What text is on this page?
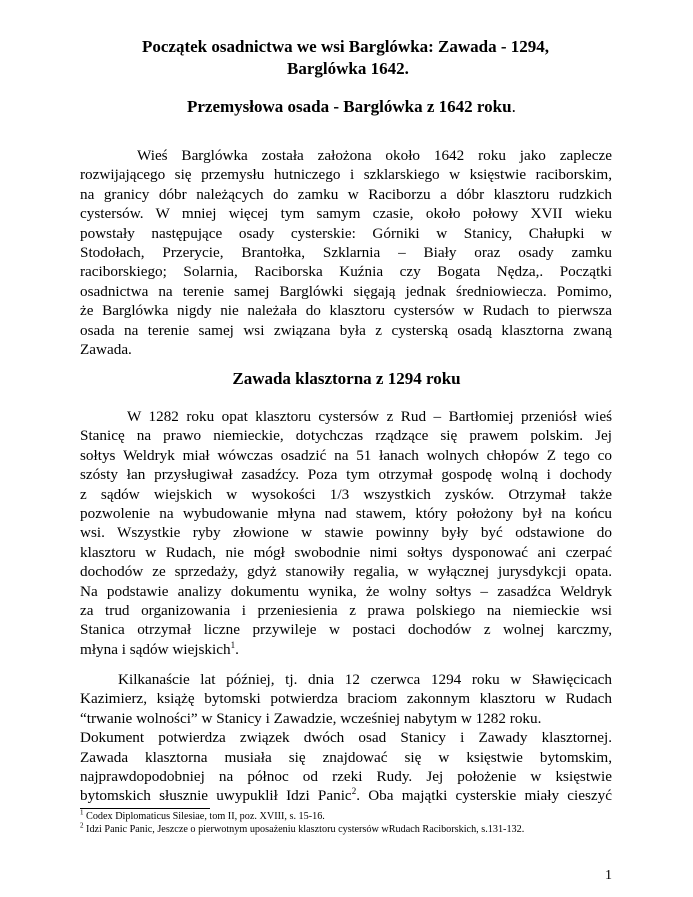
Początek osadnictwa we wsi Barglówka: Zawada - 1294,
Barglówka 1642.
Przemysłowa osada - Barglówka z 1642 roku.
Wieś Barglówka została założona około 1642 roku jako zaplecze
rozwijającego się przemysłu hutniczego i szklarskiego w księstwie raciborskim,
na granicy dóbr należących do zamku w Raciborzu a dóbr klasztoru rudzkich
cystersów. W mniej więcej tym samym czasie, około połowy XVII wieku
powstały następujące osady cysterskie: Górniki w Stanicy, Chałupki w
Stodołach, Przerycie, Brantołka, Szklarnia – Biały oraz osady zamku
raciborskiego; Solarnia, Raciborska Kuźnia czy Bogata Nędza,. Początki
osadnictwa na terenie samej Barglówki sięgają jednak średniowiecza. Pomimo,
że Barglówka nigdy nie należała do klasztoru cystersów w Rudach to pierwsza
osada na terenie samej wsi związana była z cysterską osadą klasztorna zwaną
Zawada.
Zawada klasztorna z 1294 roku
W 1282 roku opat klasztoru cystersów z Rud – Bartłomiej przeniósł wieś
Stanicę na prawo niemieckie, dotychczas rządzące się prawem polskim. Jej
sołtys Weldryk miał wówczas osadzić na 51 łanach wolnych chłopów Z tego co
szósty łan przysługiwał zasadźcy. Poza tym otrzymał gospodę wolną i dochody
z sądów wiejskich w wysokości 1/3 wszystkich zysków. Otrzymał także
pozwolenie na wybudowanie młyna nad stawem, który położony był na końcu
wsi. Wszystkie ryby złowione w stawie powinny były być odstawione do
klasztoru w Rudach, nie mógł swobodnie nimi sołtys dysponować ani czerpać
dochodów ze sprzedaży, gdyż stanowiły regalia, w wyłącznej jurysdykcji opata.
Na podstawie analizy dokumentu wynika, że wolny sołtys – zasadźca Weldryk
za trud organizowania i przeniesienia z prawa polskiego na niemieckie wsi
Stanica otrzymał liczne przywileje w postaci dochodów z wolnej karczmy,
młyna i sądów wiejskich$^1$.
Kilkanaście lat później, tj. dnia 12 czerwca 1294 roku w Sławięcicach
Kazimierz, książę bytomski potwierdza braciom zakonnym klasztoru w Rudach
“trwanie wolności” w Stanicy i Zawadzie, wcześniej nabytym w 1282 roku.
Dokument potwierdza związek dwóch osad Stanicy i Zawady klasztornej.
Zawada klasztorna musiała się znajdować się w księstwie bytomskim,
najprawdopodobniej na północ od rzeki Rudy. Jej położenie w księstwie
bytomskich słusznie uwypuklił Idzi Panic$^2$. Oba majątki cysterskie miały cieszyć
$^1$ Codex Diplomaticus Silesiae, tom II, poz. XVIII, s. 15-16.
$^2$ Idzi Panic Panic, Jeszcze o pierwotnym uposażeniu klasztoru cystersów wRudach Raciborskich, s.131-132.
1
